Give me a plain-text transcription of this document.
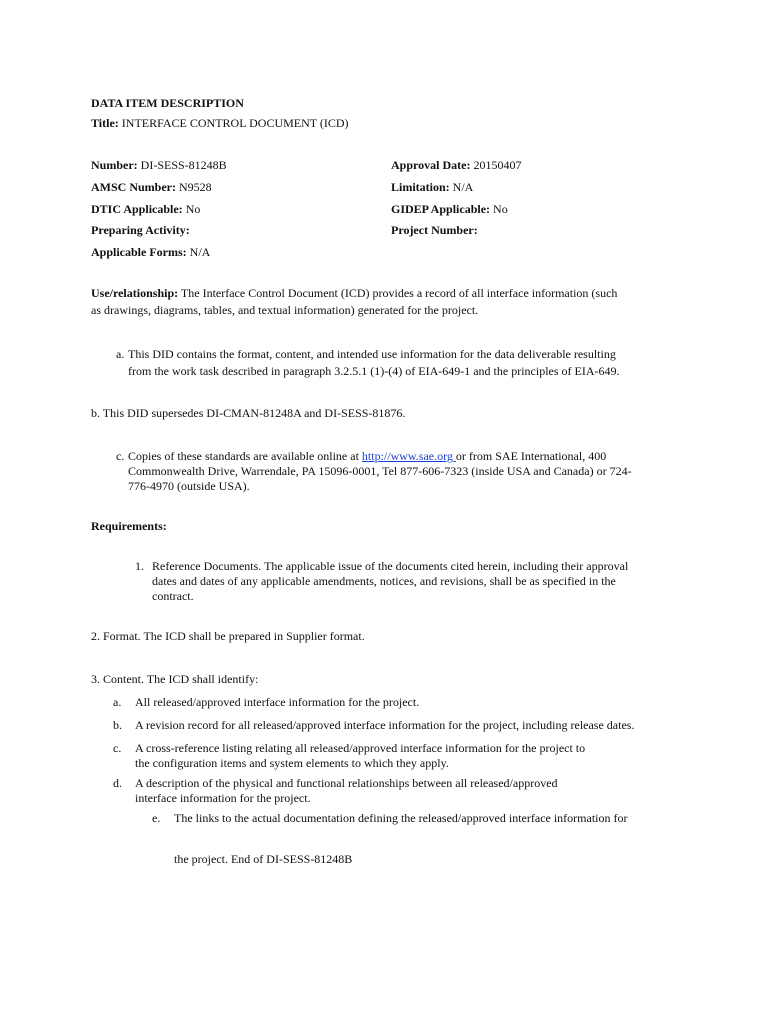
DATA ITEM DESCRIPTION
Title: INTERFACE CONTROL DOCUMENT (ICD)
Number: DI-SESS-81248B
AMSC Number: N9528
DTIC Applicable: No
Preparing Activity:
Applicable Forms: N/A
Approval Date: 20150407
Limitation: N/A
GIDEP Applicable: No
Project Number:
Use/relationship: The Interface Control Document (ICD) provides a record of all interface information (such
as drawings, diagrams, tables, and textual information) generated for the project.
a. This DID contains the format, content, and intended use information for the data deliverable resulting
from the work task described in paragraph 3.2.5.1 (1)-(4) of EIA-649-1 and the principles of EIA-649.
b. This DID supersedes DI-CMAN-81248A and DI-SESS-81876.
c. Copies of these standards are available online at http://www.sae.org or from SAE International, 400
Commonwealth Drive, Warrendale, PA 15096-0001, Tel 877-606-7323 (inside USA and Canada) or 724-
776-4970 (outside USA).
Requirements:
1. Reference Documents. The applicable issue of the documents cited herein, including their approval
dates and dates of any applicable amendments, notices, and revisions, shall be as specified in the
contract.
2. Format. The ICD shall be prepared in Supplier format.
3. Content. The ICD shall identify:
a. All released/approved interface information for the project.
b. A revision record for all released/approved interface information for the project, including release dates.
c. A cross-reference listing relating all released/approved interface information for the project to
the configuration items and system elements to which they apply.
d. A description of the physical and functional relationships between all released/approved
interface information for the project.
e. The links to the actual documentation defining the released/approved interface information for
the project. End of DI-SESS-81248B
